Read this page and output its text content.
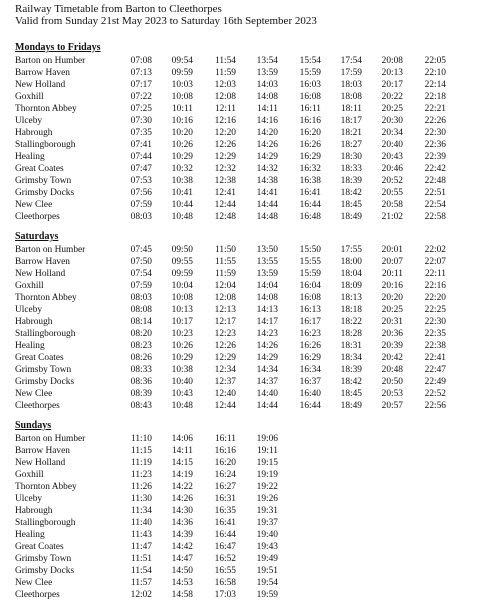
Railway Timetable from Barton to Cleethorpes
Valid from Sunday 21st May 2023 to Saturday 16th September 2023
Mondays to Fridays
Barton on Humber	07:08	09:54	11:54	13:54	15:54	17:54	20:08	22:05
Barrow Haven	07:13	09:59	11:59	13:59	15:59	17:59	20:13	22:10
New Holland	07:17	10:03	12:03	14:03	16:03	18:03	20:17	22:14
Goxhill	07:22	10:08	12:08	14:08	16:08	18:08	20:22	22:18
Thornton Abbey	07:25	10:11	12:11	14:11	16:11	18:11	20:25	22:21
Ulceby	07:30	10:16	12:16	14:16	16:16	18:17	20:30	22:26
Habrough	07:35	10:20	12:20	14:20	16:20	18:21	20:34	22:30
Stallingborough	07:41	10:26	12:26	14:26	16:26	18:27	20:40	22:36
Healing	07:44	10:29	12:29	14:29	16:29	18:30	20:43	22:39
Great Coates	07:47	10:32	12:32	14:32	16:32	18:33	20:46	22:42
Grimsby Town	07:53	10:38	12:38	14:38	16:38	18:39	20:52	22:48
Grimsby Docks	07:56	10:41	12:41	14:41	16:41	18:42	20:55	22:51
New Clee	07:59	10:44	12:44	14:44	16:44	18:45	20:58	22:54
Cleethorpes	08:03	10:48	12:48	14:48	16:48	18:49	21:02	22:58
Saturdays
Barton on Humber	07:45	09:50	11:50	13:50	15:50	17:55	20:01	22:02
Barrow Haven	07:50	09:55	11:55	13:55	15:55	18:00	20:07	22:07
New Holland	07:54	09:59	11:59	13:59	15:59	18:04	20:11	22:11
Goxhill	07:59	10:04	12:04	14:04	16:04	18:09	20:16	22:16
Thornton Abbey	08:03	10:08	12:08	14:08	16:08	18:13	20:20	22:20
Ulceby	08:08	10:13	12:13	14:13	16:13	18:18	20:25	22:25
Habrough	08:14	10:17	12:17	14:17	16:17	18:22	20:31	22:30
Stallingborough	08:20	10:23	12:23	14:23	16:23	18:28	20:36	22:35
Healing	08:23	10:26	12:26	14:26	16:26	18:31	20:39	22:38
Great Coates	08:26	10:29	12:29	14:29	16:29	18:34	20:42	22:41
Grimsby Town	08:33	10:38	12:34	14:34	16:34	18:39	20:48	22:47
Grimsby Docks	08:36	10:40	12:37	14:37	16:37	18:42	20:50	22:49
New Clee	08:39	10:43	12:40	14:40	16:40	18:45	20:53	22:52
Cleethorpes	08:43	10:48	12:44	14:44	16:44	18:49	20:57	22:56
Sundays
Barton on Humber	11:10	14:06	16:11	19:06
Barrow Haven	11:15	14:11	16:16	19:11
New Holland	11:19	14:15	16:20	19:15
Goxhill	11:23	14:19	16:24	19:19
Thornton Abbey	11:26	14:22	16:27	19:22
Ulceby	11:30	14:26	16:31	19:26
Habrough	11:34	14:30	16:35	19:31
Stallingborough	11:40	14:36	16:41	19:37
Healing	11:43	14:39	16:44	19:40
Great Coates	11:47	14:42	16:47	19:43
Grimsby Town	11:51	14:47	16:52	19:49
Grimsby Docks	11:54	14:50	16:55	19:51
New Clee	11:57	14:53	16:58	19:54
Cleethorpes	12:02	14:58	17:03	19:59
